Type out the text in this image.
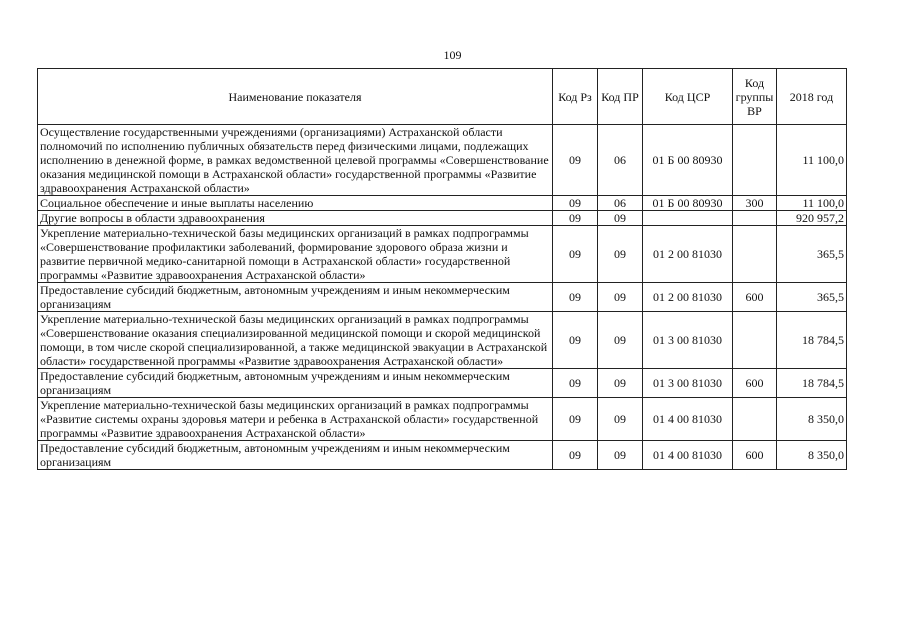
109
Наименование показателя	Код Рз	Код ПР	Код ЦСР	Код группы ВР	2018 год
Осуществление государственными учреждениями (организациями) Астраханской области полномочий по исполнению публичных обязательств перед физическими лицами, подлежащих исполнению в денежной форме, в рамках ведомственной целевой программы «Совершенствование оказания медицинской помощи в Астраханской области» государственной программы «Развитие здравоохранения Астраханской области»	09	06	01 Б 00 80930		11 100,0
Социальное обеспечение и иные выплаты населению	09	06	01 Б 00 80930	300	11 100,0
Другие вопросы в области здравоохранения	09	09			920 957,2
Укрепление материально-технической базы медицинских организаций в рамках подпрограммы «Совершенствование профилактики заболеваний, формирование здорового образа жизни и развитие первичной медико-санитарной помощи в Астраханской области» государственной программы «Развитие здравоохранения Астраханской области»	09	09	01 2 00 81030		365,5
Предоставление субсидий бюджетным, автономным учреждениям и иным некоммерческим организациям	09	09	01 2 00 81030	600	365,5
Укрепление материально-технической базы медицинских организаций в рамках подпрограммы «Совершенствование оказания специализированной медицинской помощи и скорой медицинской помощи, в том числе скорой специализированной, а также медицинской эвакуации в Астраханской области» государственной программы «Развитие здравоохранения Астраханской области»	09	09	01 3 00 81030		18 784,5
Предоставление субсидий бюджетным, автономным учреждениям и иным некоммерческим организациям	09	09	01 3 00 81030	600	18 784,5
Укрепление материально-технической базы медицинских организаций в рамках подпрограммы «Развитие системы охраны здоровья матери и ребенка в Астраханской области» государственной программы «Развитие здравоохранения Астраханской области»	09	09	01 4 00 81030		8 350,0
Предоставление субсидий бюджетным, автономным учреждениям и иным некоммерческим организациям	09	09	01 4 00 81030	600	8 350,0
